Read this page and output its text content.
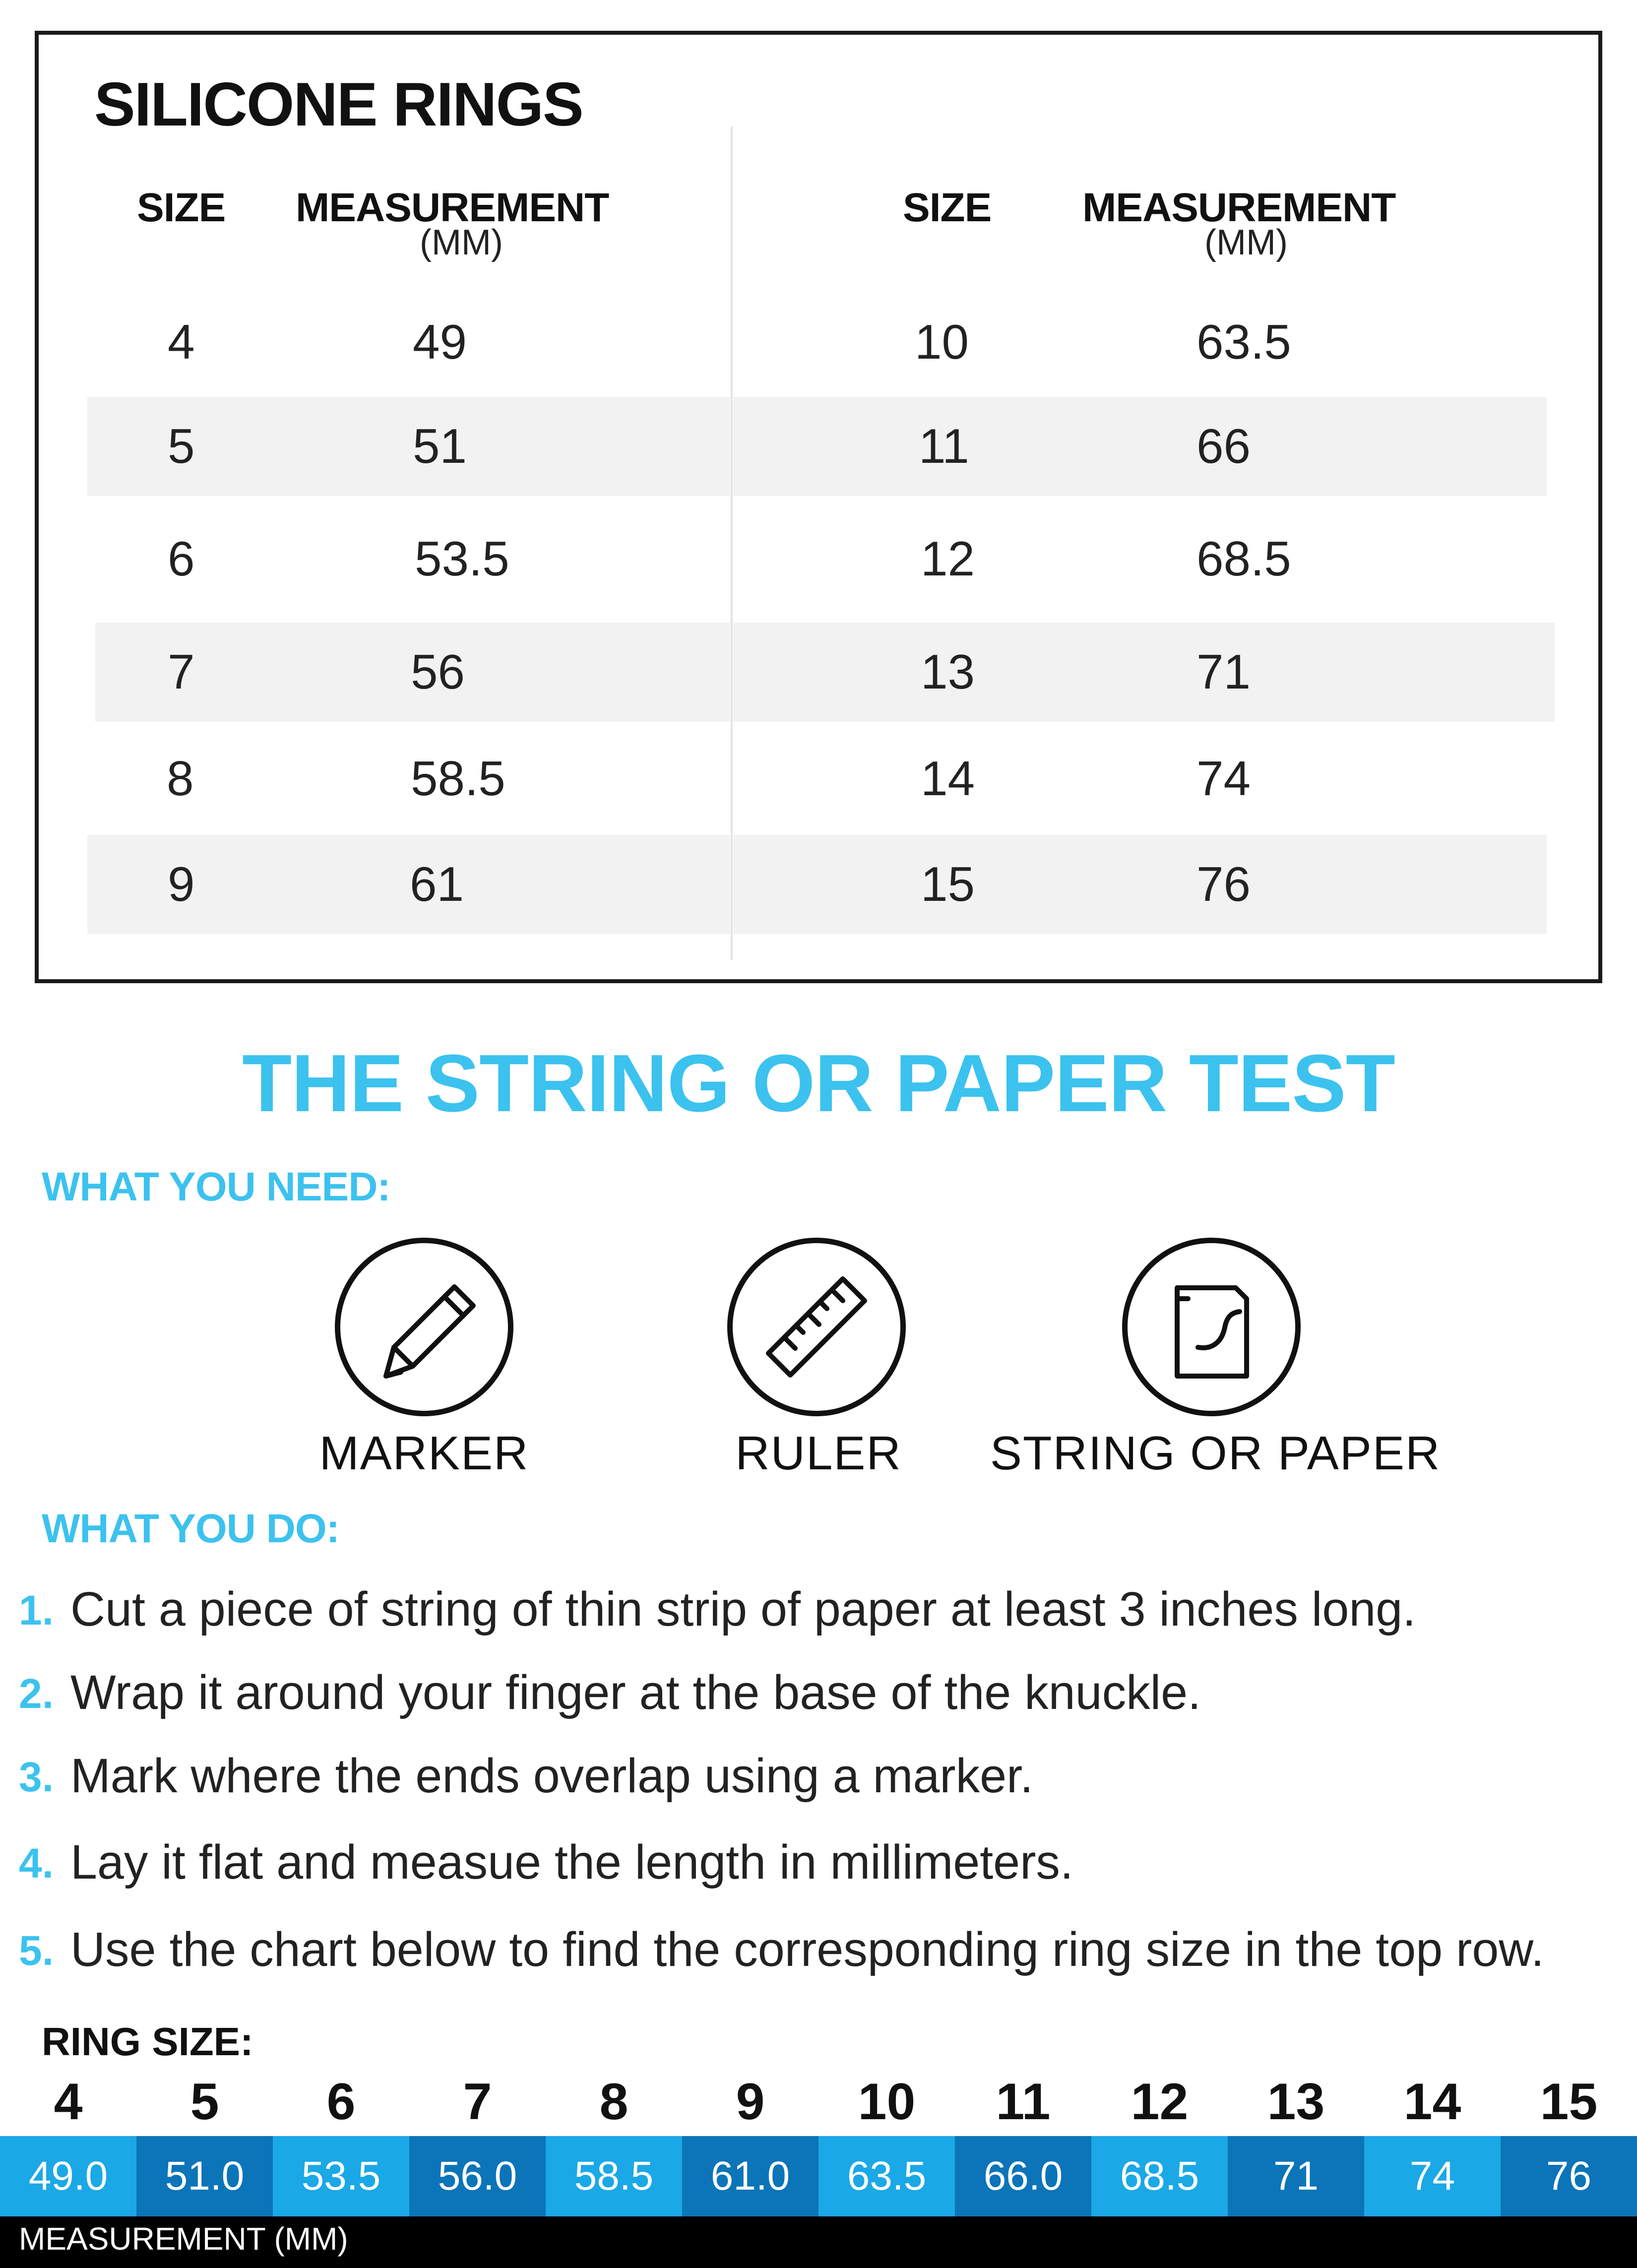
SILICONE RINGS
SIZE MEASUREMENT
(MM)
SIZE MEASUREMENT
(MM)
4	49
5	51
6	53.5
7	56
8	58.5
9	61
10	63.5
11	66
12	68.5
13	71
14	74
15	76
THE STRING OR PAPER TEST
WHAT YOU NEED:
MARKER	RULER	STRING OR PAPER
WHAT YOU DO:
1. Cut a piece of string of thin strip of paper at least 3 inches long.
2. Wrap it around your finger at the base of the knuckle.
3. Mark where the ends overlap using a marker.
4. Lay it flat and measue the length in millimeters.
5. Use the chart below to find the corresponding ring size in the top row.
RING SIZE:
4	5	6	7	8	9	10	11	12	13	14	15
49.0	51.0	53.5	56.0	58.5	61.0	63.5	66.0	68.5	71	74	76
MEASUREMENT (MM)
